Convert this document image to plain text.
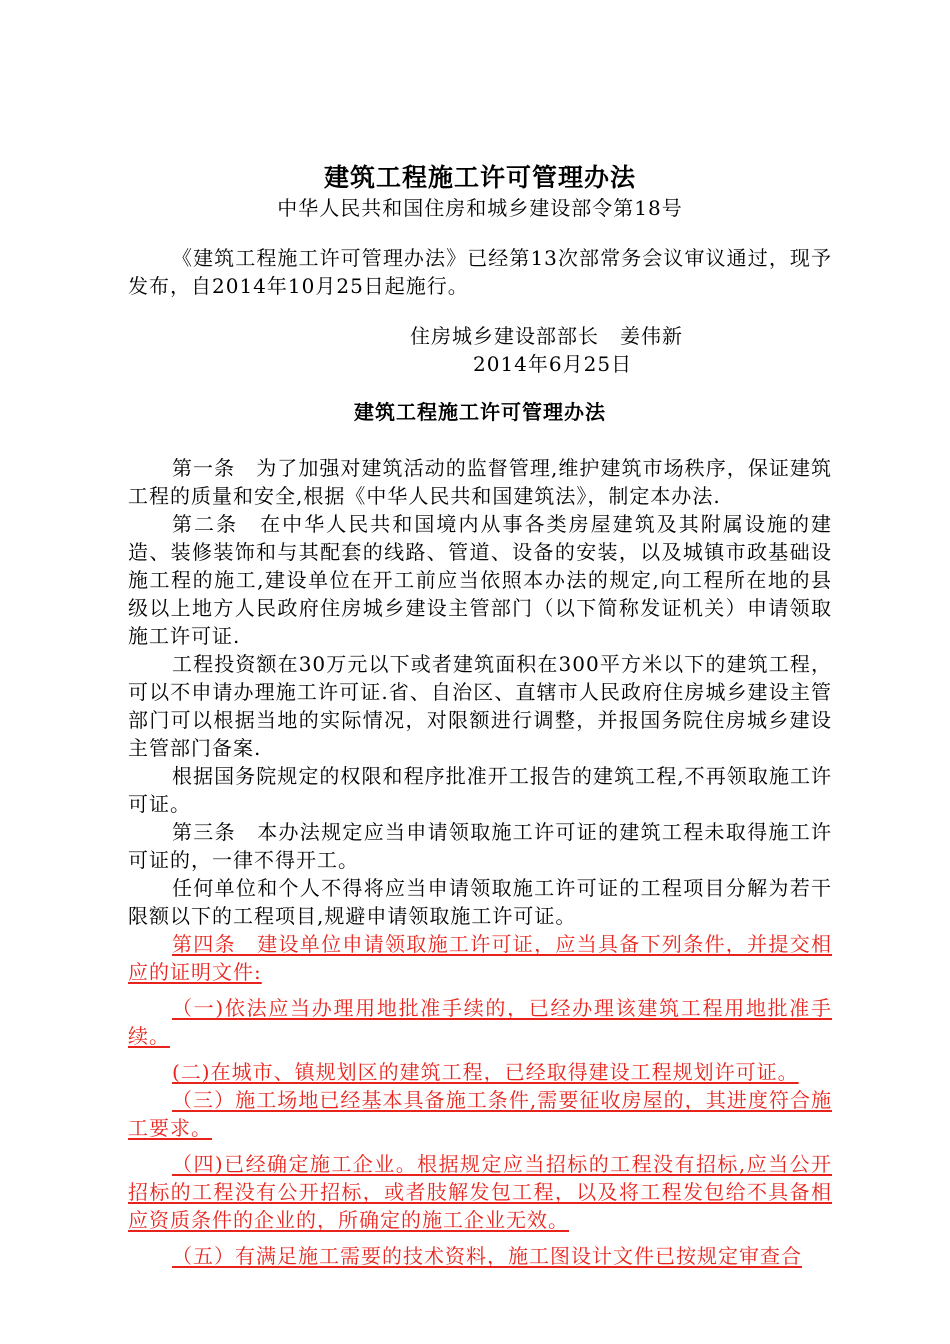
建筑工程施工许可管理办法
中华人民共和国住房和城乡建设部令第18号
《建筑工程施工许可管理办法》已经第13次部常务会议审议通过，现予发布，自2014年10月25日起施行。
住房城乡建设部部长　姜伟新
2014年6月25日
建筑工程施工许可管理办法

第一条　为了加强对建筑活动的监督管理,维护建筑市场秩序，保证建筑工程的质量和安全,根据《中华人民共和国建筑法》，制定本办法.

第二条　在中华人民共和国境内从事各类房屋建筑及其附属设施的建造、装修装饰和与其配套的线路、管道、设备的安装，以及城镇市政基础设施工程的施工,建设单位在开工前应当依照本办法的规定,向工程所在地的县级以上地方人民政府住房城乡建设主管部门（以下简称发证机关）申请领取施工许可证.

工程投资额在30万元以下或者建筑面积在300平方米以下的建筑工程，可以不申请办理施工许可证.省、自治区、直辖市人民政府住房城乡建设主管部门可以根据当地的实际情况，对限额进行调整，并报国务院住房城乡建设主管部门备案.

根据国务院规定的权限和程序批准开工报告的建筑工程,不再领取施工许可证。

第三条　本办法规定应当申请领取施工许可证的建筑工程未取得施工许可证的，一律不得开工。

任何单位和个人不得将应当申请领取施工许可证的工程项目分解为若干限额以下的工程项目,规避申请领取施工许可证。

第四条　建设单位申请领取施工许可证，应当具备下列条件，并提交相应的证明文件:

（一)依法应当办理用地批准手续的，已经办理该建筑工程用地批准手续。

(二)在城市、镇规划区的建筑工程，已经取得建设工程规划许可证。

（三）施工场地已经基本具备施工条件,需要征收房屋的，其进度符合施工要求。

（四)已经确定施工企业。根据规定应当招标的工程没有招标,应当公开招标的工程没有公开招标，或者肢解发包工程，以及将工程发包给不具备相应资质条件的企业的，所确定的施工企业无效。

（五）有满足施工需要的技术资料，施工图设计文件已按规定审查合
